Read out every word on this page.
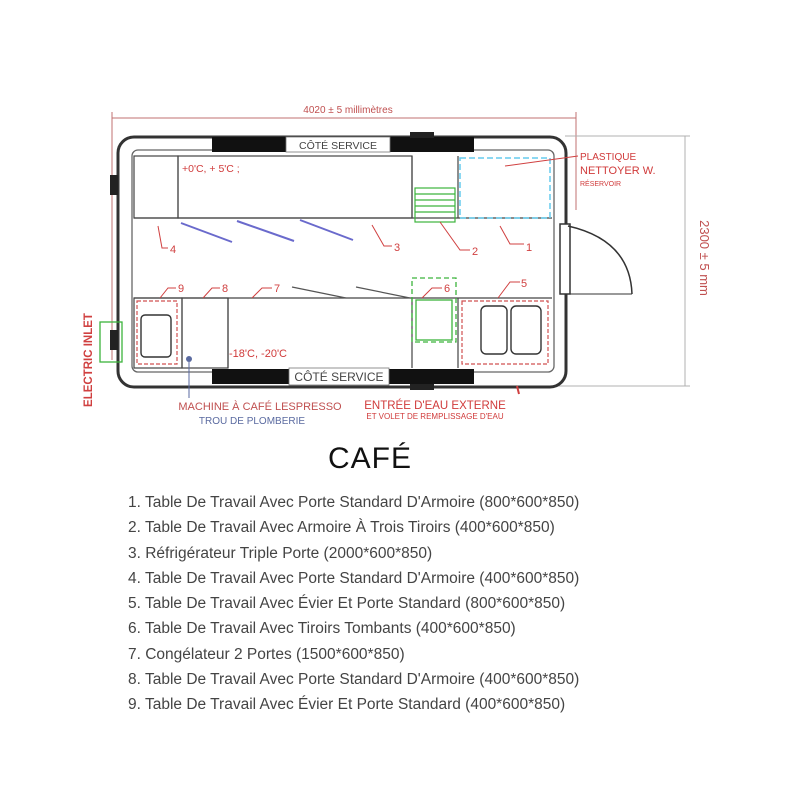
4020 ± 5 millimètres
2300 ± 5 mm
CÔTÉ SERVICE
CÔTÉ SERVICE
ELECTRIC INLET
+0'C, + 5'C ;
-18'C, -20'C
PLASTIQUE
NETTOYER W.
RÉSERVOIR
MACHINE À CAFÉ LESPRESSO
TROU DE PLOMBERIE
ENTRÉE D'EAU EXTERNE
ET VOLET DE REMPLISSAGE D'EAU
1
2
3
4
5
6
7
8
9
CAFÉ
1. Table De Travail Avec Porte Standard D'Armoire (800*600*850)
2. Table De Travail Avec Armoire À Trois Tiroirs (400*600*850)
3. Réfrigérateur Triple Porte (2000*600*850)
4. Table De Travail Avec Porte Standard D'Armoire (400*600*850)
5. Table De Travail Avec Évier Et Porte Standard (800*600*850)
6. Table De Travail Avec Tiroirs Tombants (400*600*850)
7. Congélateur 2 Portes (1500*600*850)
8. Table De Travail Avec Porte Standard D'Armoire (400*600*850)
9. Table De Travail Avec Évier Et Porte Standard (400*600*850)
